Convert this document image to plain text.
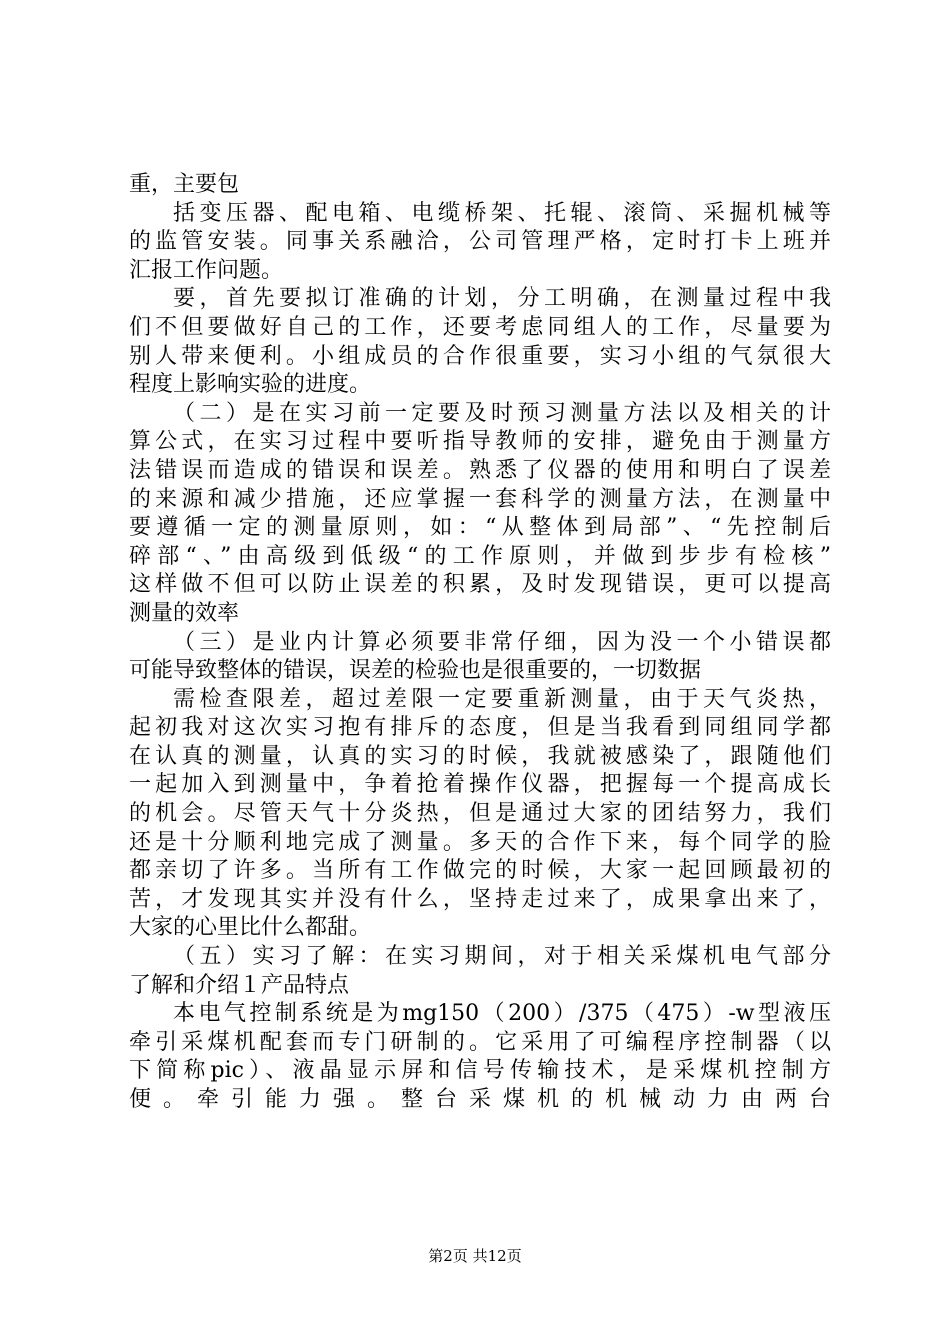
重，主要包
括变压器、配电箱、电缆桥架、托辊、滚筒、采掘机械等
的监管安装。同事关系融洽，公司管理严格，定时打卡上班并
汇报工作问题。
要，首先要拟订准确的计划，分工明确，在测量过程中我
们不但要做好自己的工作，还要考虑同组人的工作，尽量要为
别人带来便利。小组成员的合作很重要，实习小组的气氛很大
程度上影响实验的进度。
（二）是在实习前一定要及时预习测量方法以及相关的计
算公式，在实习过程中要听指导教师的安排，避免由于测量方
法错误而造成的错误和误差。熟悉了仪器的使用和明白了误差
的来源和减少措施，还应掌握一套科学的测量方法，在测量中
要遵循一定的测量原则，如：“从整体到局部”、“先控制后
碎部“、”由高级到低级“的工作原则，并做到步步有检核”
这样做不但可以防止误差的积累，及时发现错误，更可以提高
测量的效率
（三）是业内计算必须要非常仔细，因为没一个小错误都
可能导致整体的错误，误差的检验也是很重要的，一切数据
需检查限差，超过差限一定要重新测量，由于天气炎热，
起初我对这次实习抱有排斥的态度，但是当我看到同组同学都
在认真的测量，认真的实习的时候，我就被感染了，跟随他们
一起加入到测量中，争着抢着操作仪器，把握每一个提高成长
的机会。尽管天气十分炎热，但是通过大家的团结努力，我们
还是十分顺利地完成了测量。多天的合作下来，每个同学的脸
都亲切了许多。当所有工作做完的时候，大家一起回顾最初的
苦，才发现其实并没有什么，坚持走过来了，成果拿出来了，
大家的心里比什么都甜。
（五）实习了解：在实习期间，对于相关采煤机电气部分
了解和介绍１产品特点
本电气控制系统是为mg150（200）/375（475）-w型液压
牵引采煤机配套而专门研制的。它采用了可编程序控制器（以
下简称pic）、液晶显示屏和信号传输技术，是采煤机控制方
便。牵引能力强。整台采煤机的机械动力由两台
第2页 共12页
